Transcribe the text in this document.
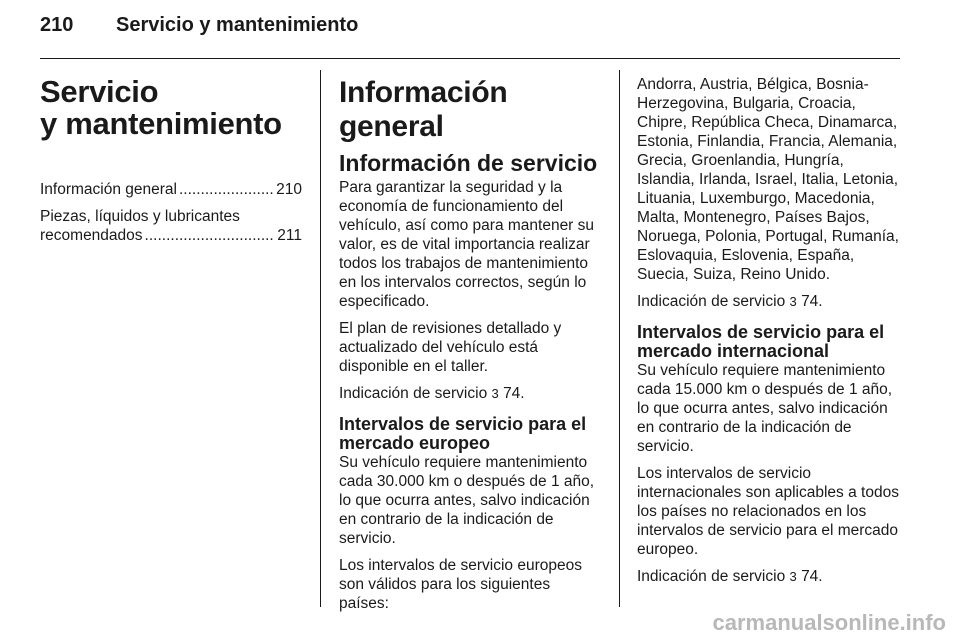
210 Servicio y mantenimiento
Servicio
y mantenimiento
Información general .....	210
Piezas, líquidos y lubricantes
recomendados .....	211
Información general
Información de servicio

Para garantizar la seguridad y la economía de funcionamiento del vehículo, así como para mantener su valor, es de vital importancia realizar todos los trabajos de mantenimiento en los intervalos correctos, según lo especificado.

El plan de revisiones detallado y actualizado del vehículo está disponible en el taller.

Indicación de servicio 3 74.

Intervalos de servicio para el mercado europeo

Su vehículo requiere mantenimiento cada 30.000 km o después de 1 año, lo que ocurra antes, salvo indicación en contrario de la indicación de servicio.

Los intervalos de servicio europeos son válidos para los siguientes países:

Andorra, Austria, Bélgica, Bosnia-Herzegovina, Bulgaria, Croacia, Chipre, República Checa, Dinamarca, Estonia, Finlandia, Francia, Alemania, Grecia, Groenlandia, Hungría, Islandia, Irlanda, Israel, Italia, Letonia, Lituania, Luxemburgo, Macedonia, Malta, Montenegro, Países Bajos, Noruega, Polonia, Portugal, Rumanía, Eslovaquia, Eslovenia, España, Suecia, Suiza, Reino Unido.

Indicación de servicio 3 74.

Intervalos de servicio para el mercado internacional

Su vehículo requiere mantenimiento cada 15.000 km o después de 1 año, lo que ocurra antes, salvo indicación en contrario de la indicación de servicio.

Los intervalos de servicio internacionales son aplicables a todos los países no relacionados en los intervalos de servicio para el mercado europeo.

Indicación de servicio 3 74.

carmanualsonline.info
